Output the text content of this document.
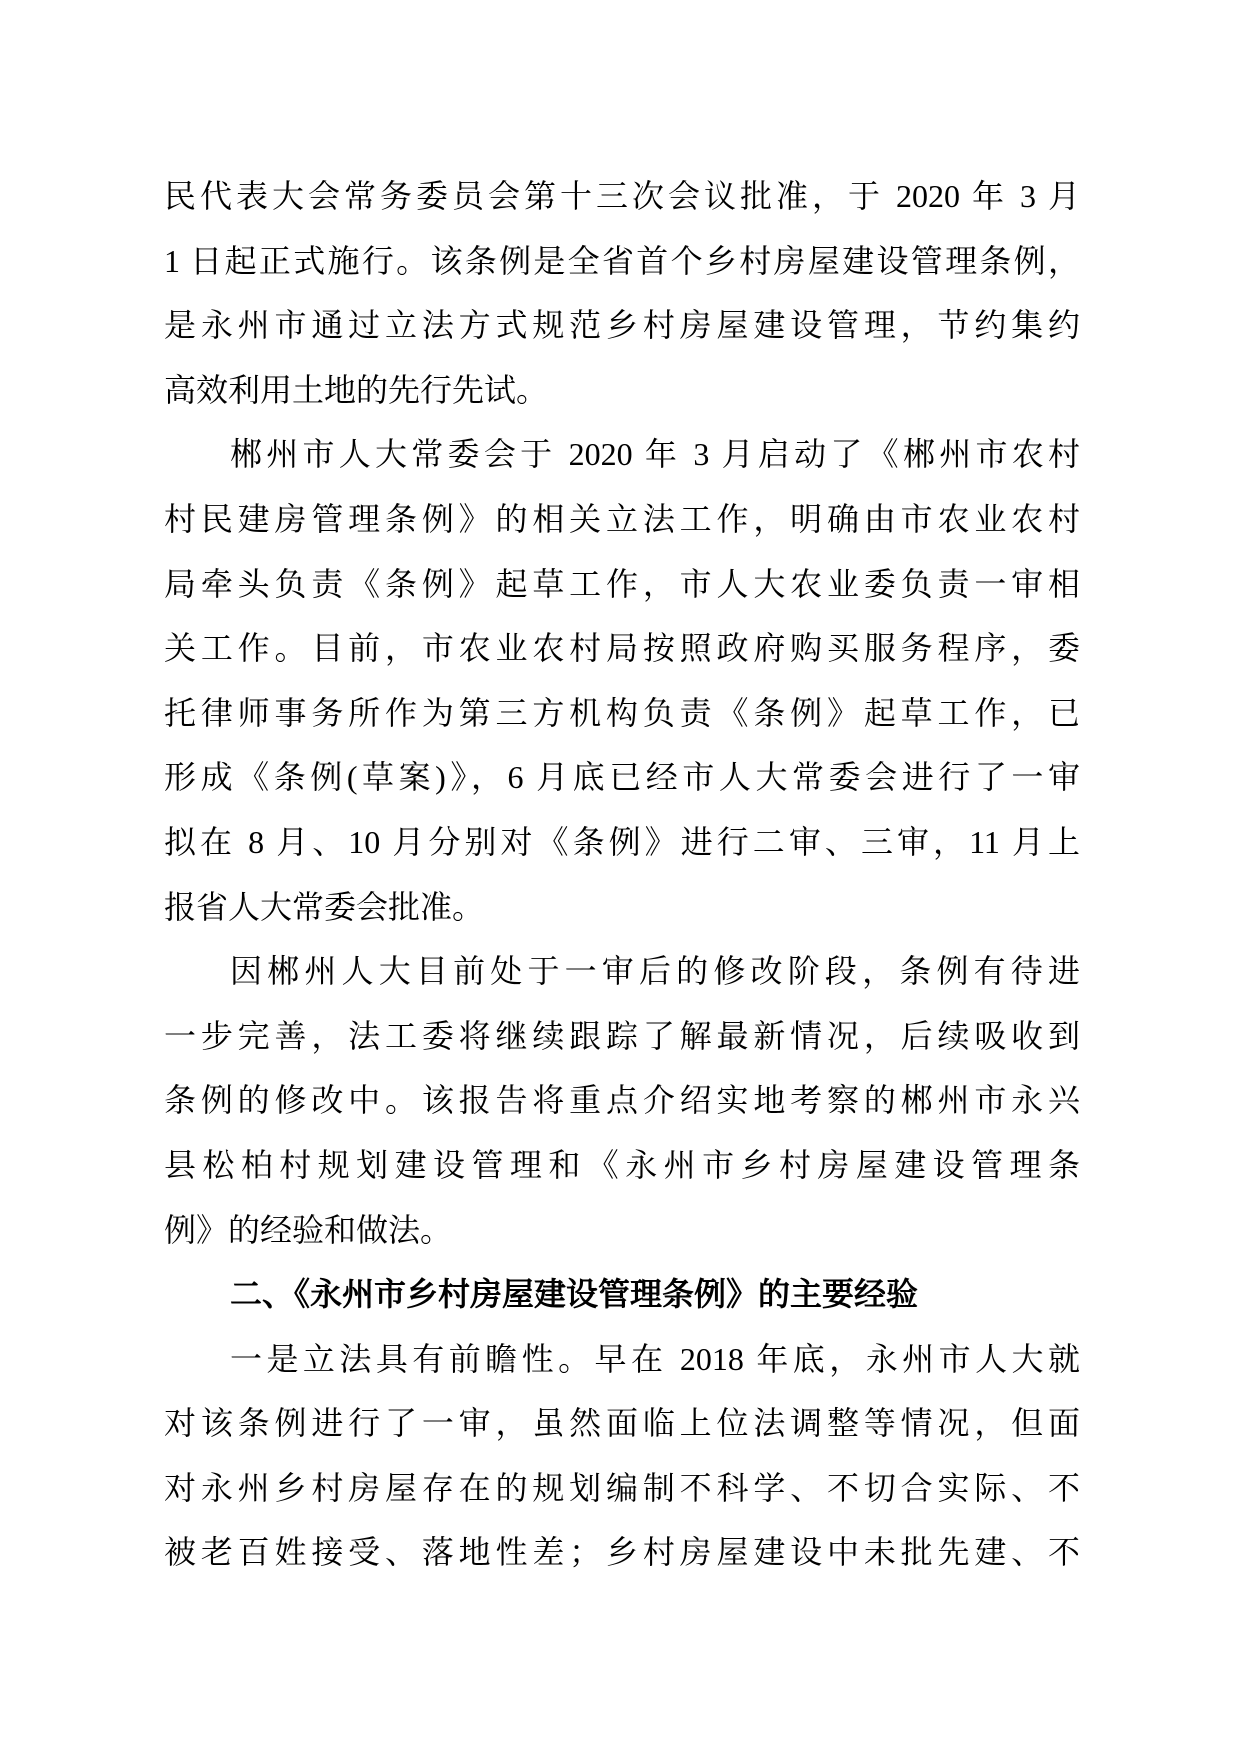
民代表大会常务委员会第十三次会议批准，于 2020 年 3 月
1 日起正式施行。该条例是全省首个乡村房屋建设管理条例，
是永州市通过立法方式规范乡村房屋建设管理，节约集约
高效利用土地的先行先试。
郴州市人大常委会于 2020 年 3 月启动了《郴州市农村
村民建房管理条例》的相关立法工作，明确由市农业农村
局牵头负责《条例》起草工作，市人大农业委负责一审相
关工作。目前，市农业农村局按照政府购买服务程序，委
托律师事务所作为第三方机构负责《条例》起草工作，已
形成《条例(草案)》，6 月底已经市人大常委会进行了一审
拟在 8 月、10 月分别对《条例》进行二审、三审，11 月上
报省人大常委会批准。
因郴州人大目前处于一审后的修改阶段，条例有待进
一步完善，法工委将继续跟踪了解最新情况，后续吸收到
条例的修改中。该报告将重点介绍实地考察的郴州市永兴
县松柏村规划建设管理和《永州市乡村房屋建设管理条
例》的经验和做法。
二、《永州市乡村房屋建设管理条例》的主要经验
一是立法具有前瞻性。早在 2018 年底，永州市人大就
对该条例进行了一审，虽然面临上位法调整等情况，但面
对永州乡村房屋存在的规划编制不科学、不切合实际、不
被老百姓接受、落地性差；乡村房屋建设中未批先建、不
